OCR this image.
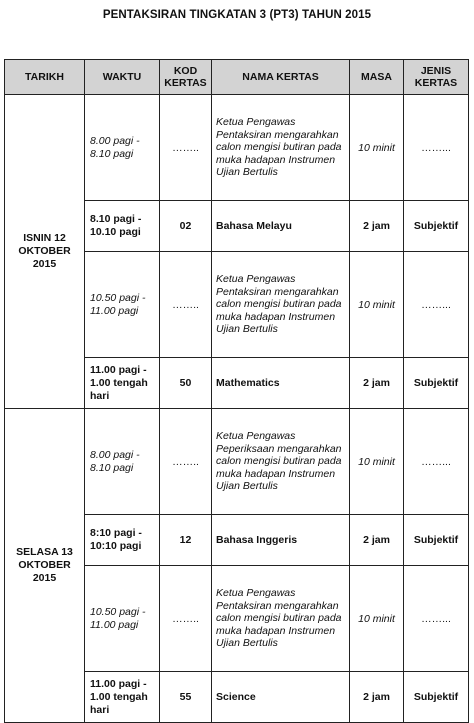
PENTAKSIRAN TINGKATAN 3 (PT3) TAHUN 2015
TARIKH	WAKTU	KOD KERTAS	NAMA KERTAS	MASA	JENIS KERTAS

ISNIN 12 OKTOBER 2015	8.00 pagi - 8.10 pagi	……..	Ketua Pengawas Pentaksiran mengarahkan calon mengisi butiran pada muka hadapan Instrumen Ujian Bertulis	10 minit	……...
	8.10 pagi - 10.10 pagi	02	Bahasa Melayu	2 jam	Subjektif
	10.50 pagi - 11.00 pagi	……..	Ketua Pengawas Pentaksiran mengarahkan calon mengisi butiran pada muka hadapan Instrumen Ujian Bertulis	10 minit	……...
	11.00 pagi - 1.00 tengah hari	50	Mathematics	2 jam	Subjektif

SELASA 13 OKTOBER 2015	8.00 pagi - 8.10 pagi	……..	Ketua Pengawas Peperiksaan mengarahkan calon mengisi butiran pada muka hadapan Instrumen Ujian Bertulis	10 minit	……...
	8:10 pagi - 10:10 pagi	12	Bahasa Inggeris	2 jam	Subjektif
	10.50 pagi - 11.00 pagi	……..	Ketua Pengawas Pentaksiran mengarahkan calon mengisi butiran pada muka hadapan Instrumen Ujian Bertulis	10 minit	……...
	11.00 pagi - 1.00 tengah hari	55	Science	2 jam	Subjektif
